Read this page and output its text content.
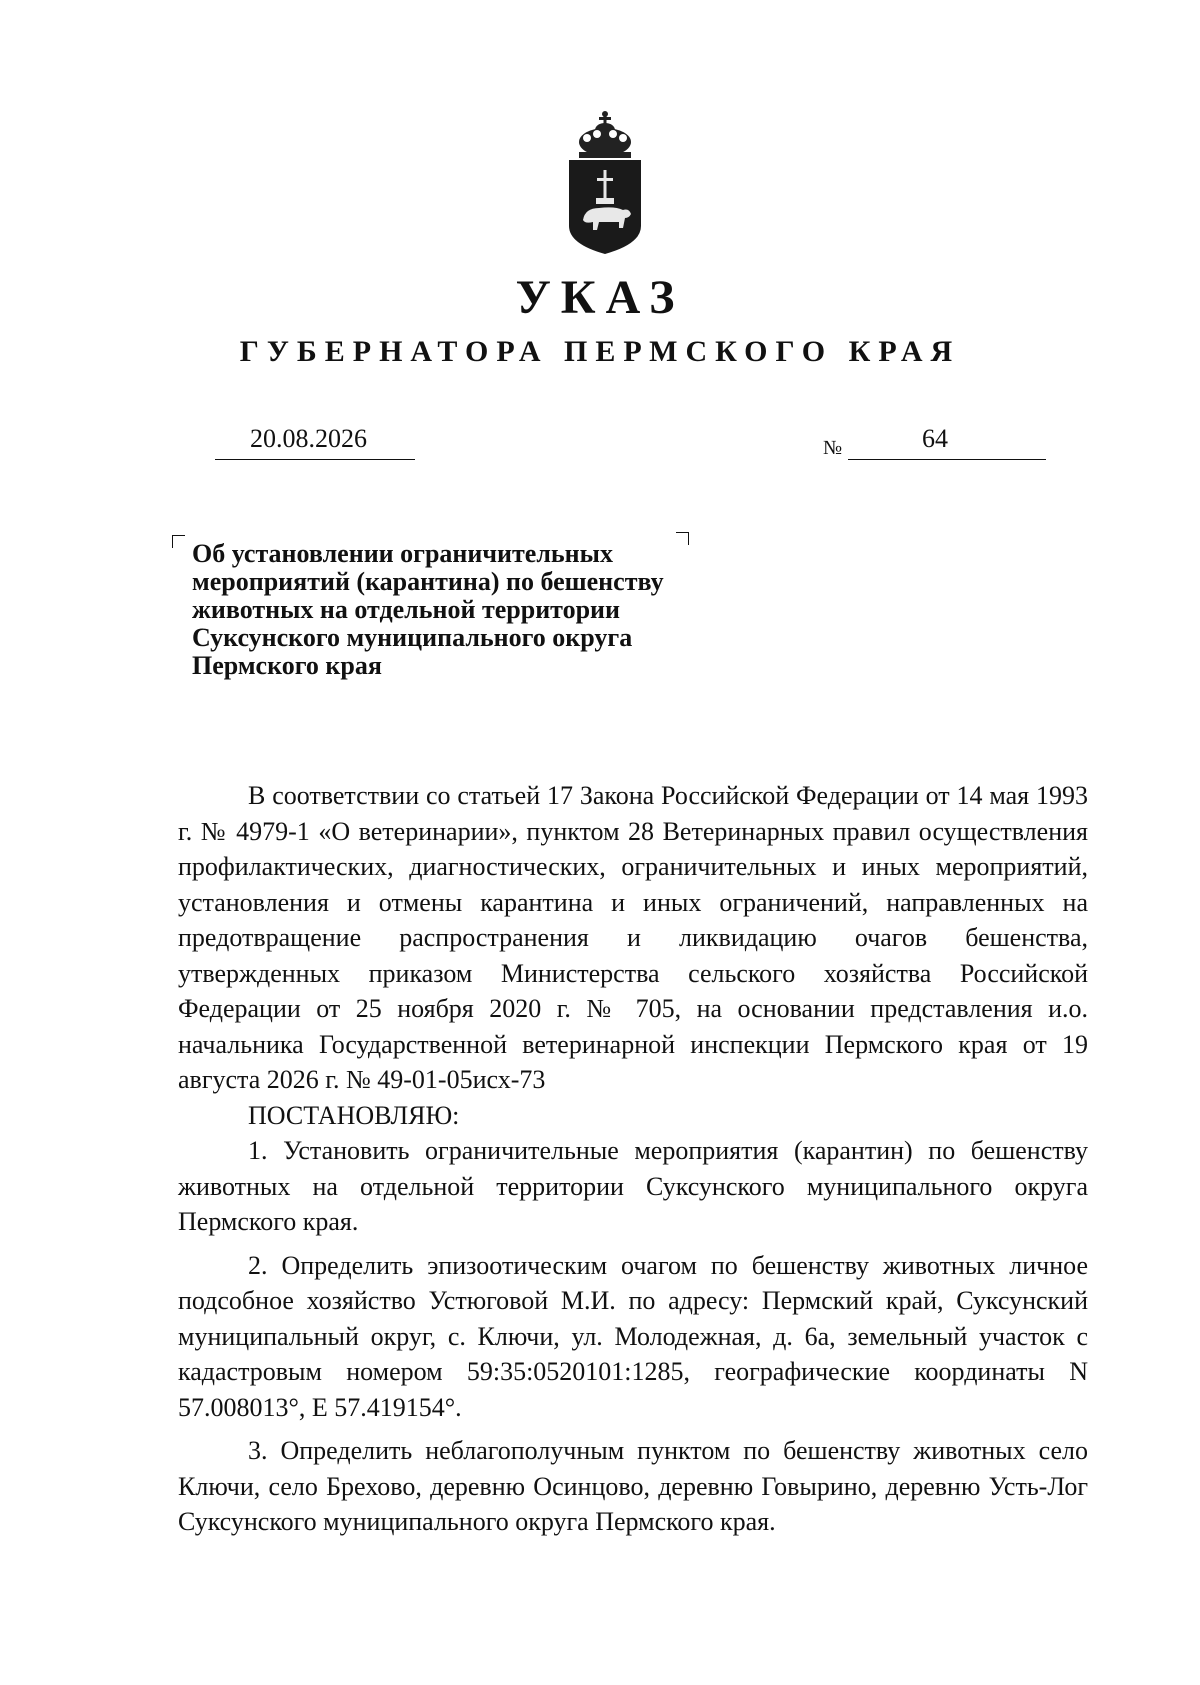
УКАЗ
ГУБЕРНАТОРА ПЕРМСКОГО КРАЯ
20.08.2026	№	64
Об установлении ограничительных
мероприятий (карантина) по бешенству
животных на отдельной территории
Суксунского муниципального округа
Пермского края

В соответствии со статьей 17 Закона Российской Федерации от 14 мая 1993 г. № 4979-1 «О ветеринарии», пунктом 28 Ветеринарных правил осуществления профилактических, диагностических, ограничительных и иных мероприятий, установления и отмены карантина и иных ограничений, направленных на предотвращение распространения и ликвидацию очагов бешенства, утвержденных приказом Министерства сельского хозяйства Российской Федерации от 25 ноября 2020 г. № 705, на основании представления и.о. начальника Государственной ветеринарной инспекции Пермского края от 19 августа 2026 г. № 49-01-05исх-73

ПОСТАНОВЛЯЮ:

1. Установить ограничительные мероприятия (карантин) по бешенству животных на отдельной территории Суксунского муниципального округа Пермского края.

2. Определить эпизоотическим очагом по бешенству животных личное подсобное хозяйство Устюговой М.И. по адресу: Пермский край, Суксунский муниципальный округ, с. Ключи, ул. Молодежная, д. 6а, земельный участок с кадастровым номером 59:35:0520101:1285, географические координаты N 57.008013°, E 57.419154°.

3. Определить неблагополучным пунктом по бешенству животных село Ключи, село Брехово, деревню Осинцово, деревню Говырино, деревню Усть-Лог Суксунского муниципального округа Пермского края.
